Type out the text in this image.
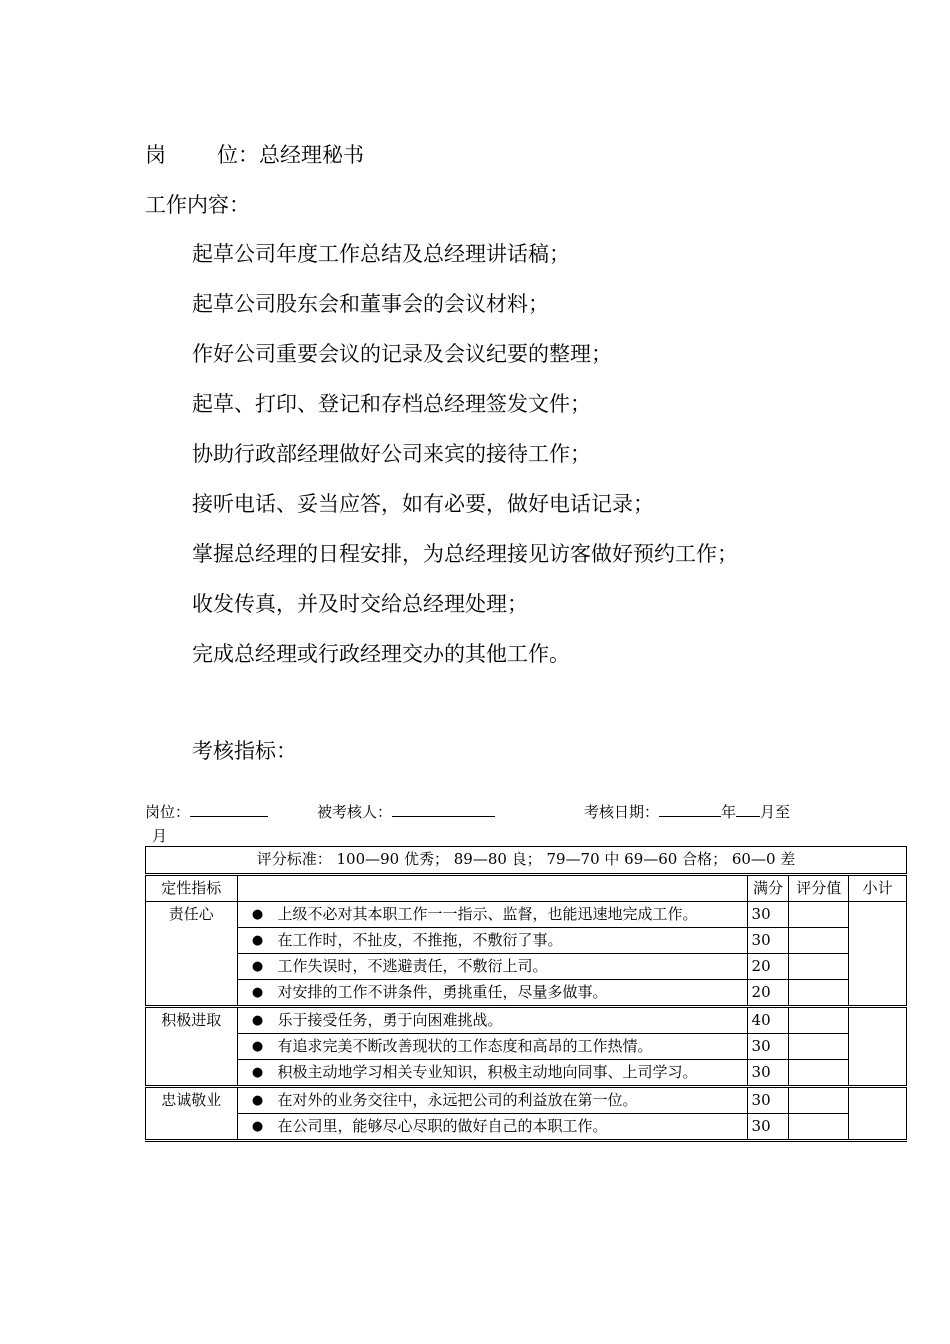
岗 位：总经理秘书
工作内容：
起草公司年度工作总结及总经理讲话稿；
起草公司股东会和董事会的会议材料；
作好公司重要会议的记录及会议纪要的整理；
起草、打印、登记和存档总经理签发文件；
协助行政部经理做好公司来宾的接待工作；
接听电话、妥当应答，如有必要，做好电话记录；
掌握总经理的日程安排，为总经理接见访客做好预约工作；
收发传真，并及时交给总经理处理；
完成总经理或行政经理交办的其他工作。
考核指标：
岗位：	被考核人：	考核日期：	年 月至
月
评分标准： 100—90 优秀； 89—80 良； 79—70 中 69—60 合格； 60—0 差				
定性指标		满分	评分值	小计
责任心	● 上级不必对其本职工作一一指示、监督，也能迅速地完成工作。	30		

	● 在工作时，不扯皮，不推拖，不敷衍了事。	30		

	● 工作失误时，不逃避责任，不敷衍上司。	20		

	● 对安排的工作不讲条件，勇挑重任，尽量多做事。	20		
积极进取	● 乐于接受任务，勇于向困难挑战。	40		

	● 有追求完美不断改善现状的工作态度和高昂的工作热情。	30		

	● 积极主动地学习相关专业知识，积极主动地向同事、上司学习。	30		
忠诚敬业	● 在对外的业务交往中，永远把公司的利益放在第一位。	30		

	● 在公司里，能够尽心尽职的做好自己的本职工作。	30		
